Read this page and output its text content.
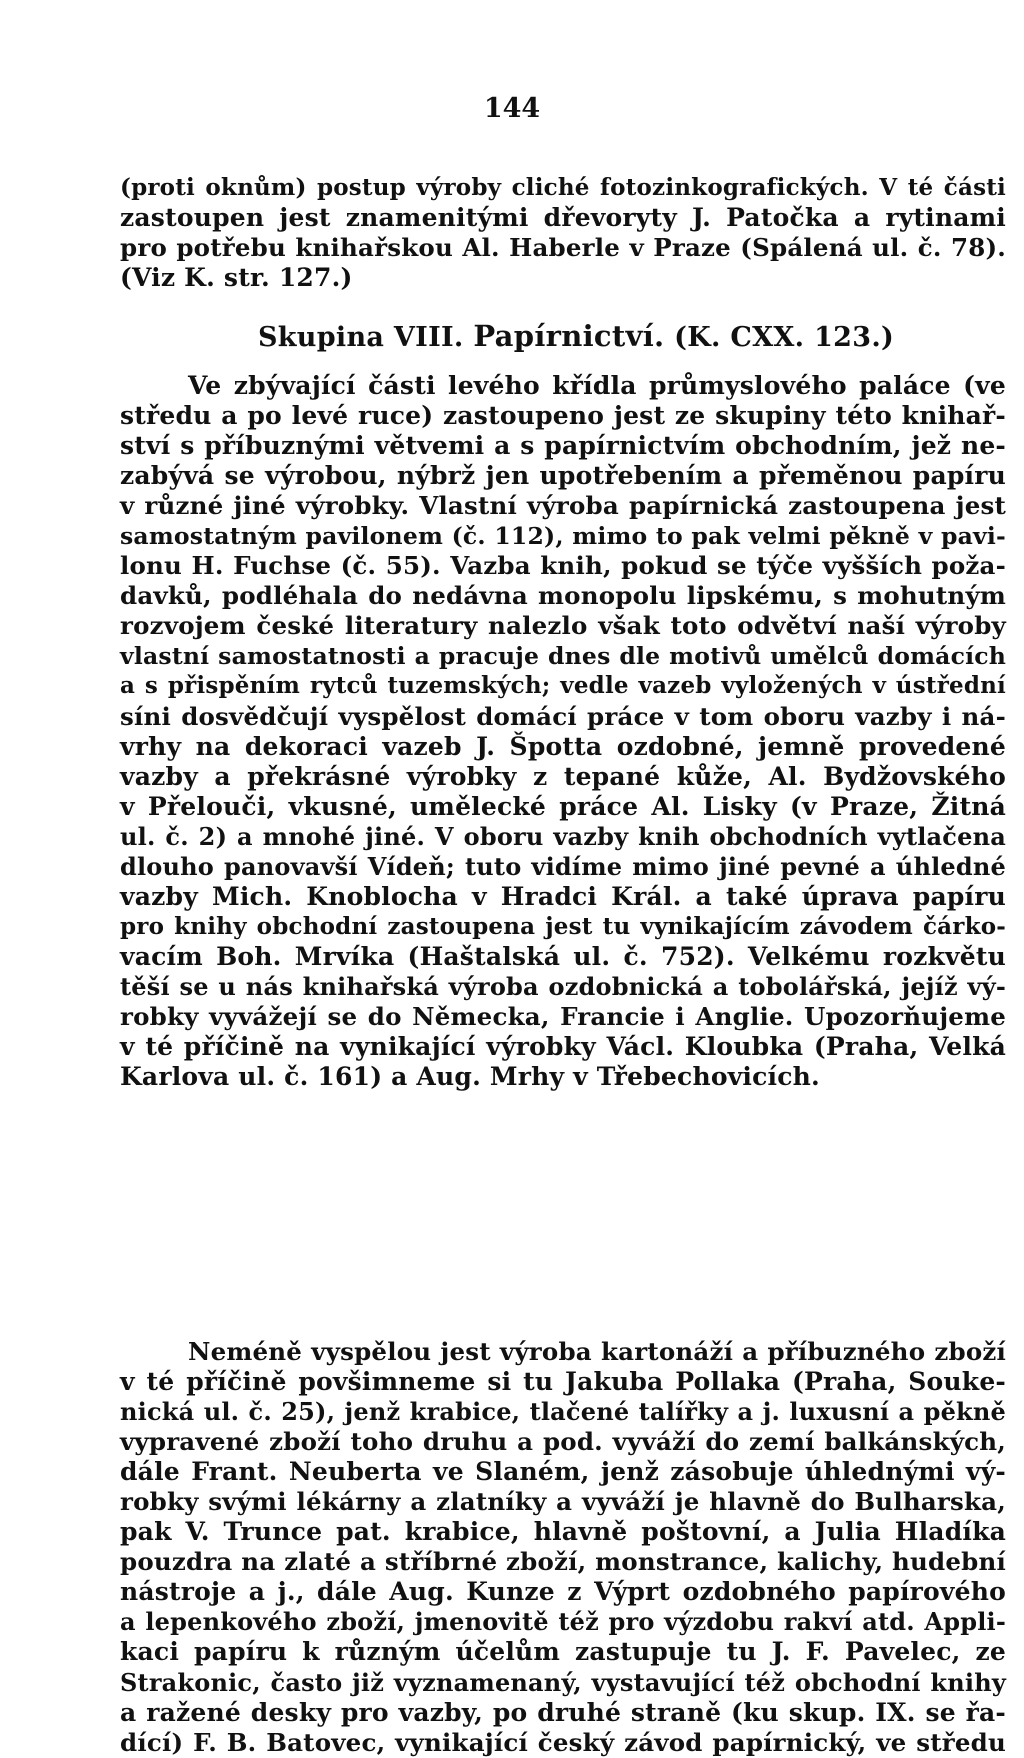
144
(proti oknům) postup výroby cliché fotozinkografických. V té části
zastoupen jest znamenitými dřevoryty J. Patočka a rytinami
pro potřebu knihařskou Al. Haberle v Praze (Spálená ul. č. 78).
(Viz K. str. 127.)
Skupina VIII. Papírnictví. (K. CXX. 123.)
Ve zbývající části levého křídla průmyslového paláce (ve
středu a po levé ruce) zastoupeno jest ze skupiny této knihař-
ství s příbuznými větvemi a s papírnictvím obchodním, jež ne-
zabývá se výrobou, nýbrž jen upotřebením a přeměnou papíru
v různé jiné výrobky. Vlastní výroba papírnická zastoupena jest
samostatným pavilonem (č. 112), mimo to pak velmi pěkně v pavi-
lonu H. Fuchse (č. 55). Vazba knih, pokud se týče vyšších poža-
davků, podléhala do nedávna monopolu lipskému, s mohutným
rozvojem české literatury nalezlo však toto odvětví naší výroby
vlastní samostatnosti a pracuje dnes dle motivů umělců domácích
a s přispěním rytců tuzemských; vedle vazeb vyložených v ústřední
síni dosvědčují vyspělost domácí práce v tom oboru vazby i ná-
vrhy na dekoraci vazeb J. Špotta ozdobné, jemně provedené
vazby a překrásné výrobky z tepané kůže, Al. Bydžovského
v Přelouči, vkusné, umělecké práce Al. Lisky (v Praze, Žitná
ul. č. 2) a mnohé jiné. V oboru vazby knih obchodních vytlačena
dlouho panovavší Vídeň; tuto vidíme mimo jiné pevné a úhledné
vazby Mich. Knoblocha v Hradci Král. a také úprava papíru
pro knihy obchodní zastoupena jest tu vynikajícím závodem čárko-
vacím Boh. Mrvíka (Haštalská ul. č. 752). Velkému rozkvětu
těší se u nás knihařská výroba ozdobnická a tobolářská, jejíž vý-
robky vyvážejí se do Německa, Francie i Anglie. Upozorňujeme
v té příčině na vynikající výrobky Václ. Kloubka (Praha, Velká
Karlova ul. č. 161) a Aug. Mrhy v Třebechovicích.
Neméně vyspělou jest výroba kartonáží a příbuzného zboží
v té příčině povšimneme si tu Jakuba Pollaka (Praha, Souke-
nická ul. č. 25), jenž krabice, tlačené talířky a j. luxusní a pěkně
vypravené zboží toho druhu a pod. vyváží do zemí balkánských,
dále Frant. Neuberta ve Slaném, jenž zásobuje úhlednými vý-
robky svými lékárny a zlatníky a vyváží je hlavně do Bulharska,
pak V. Trunce pat. krabice, hlavně poštovní, a Julia Hladíka
pouzdra na zlaté a stříbrné zboží, monstrance, kalichy, hudební
nástroje a j., dále Aug. Kunze z Výprt ozdobného papírového
a lepenkového zboží, jmenovitě též pro výzdobu rakví atd. Appli-
kaci papíru k různým účelům zastupuje tu J. F. Pavelec, ze
Strakonic, často již vyznamenaný, vystavující též obchodní knihy
a ražené desky pro vazby, po druhé straně (ku skup. IX. se řa-
dící) F. B. Batovec, vynikající český závod papírnický, ve středu
